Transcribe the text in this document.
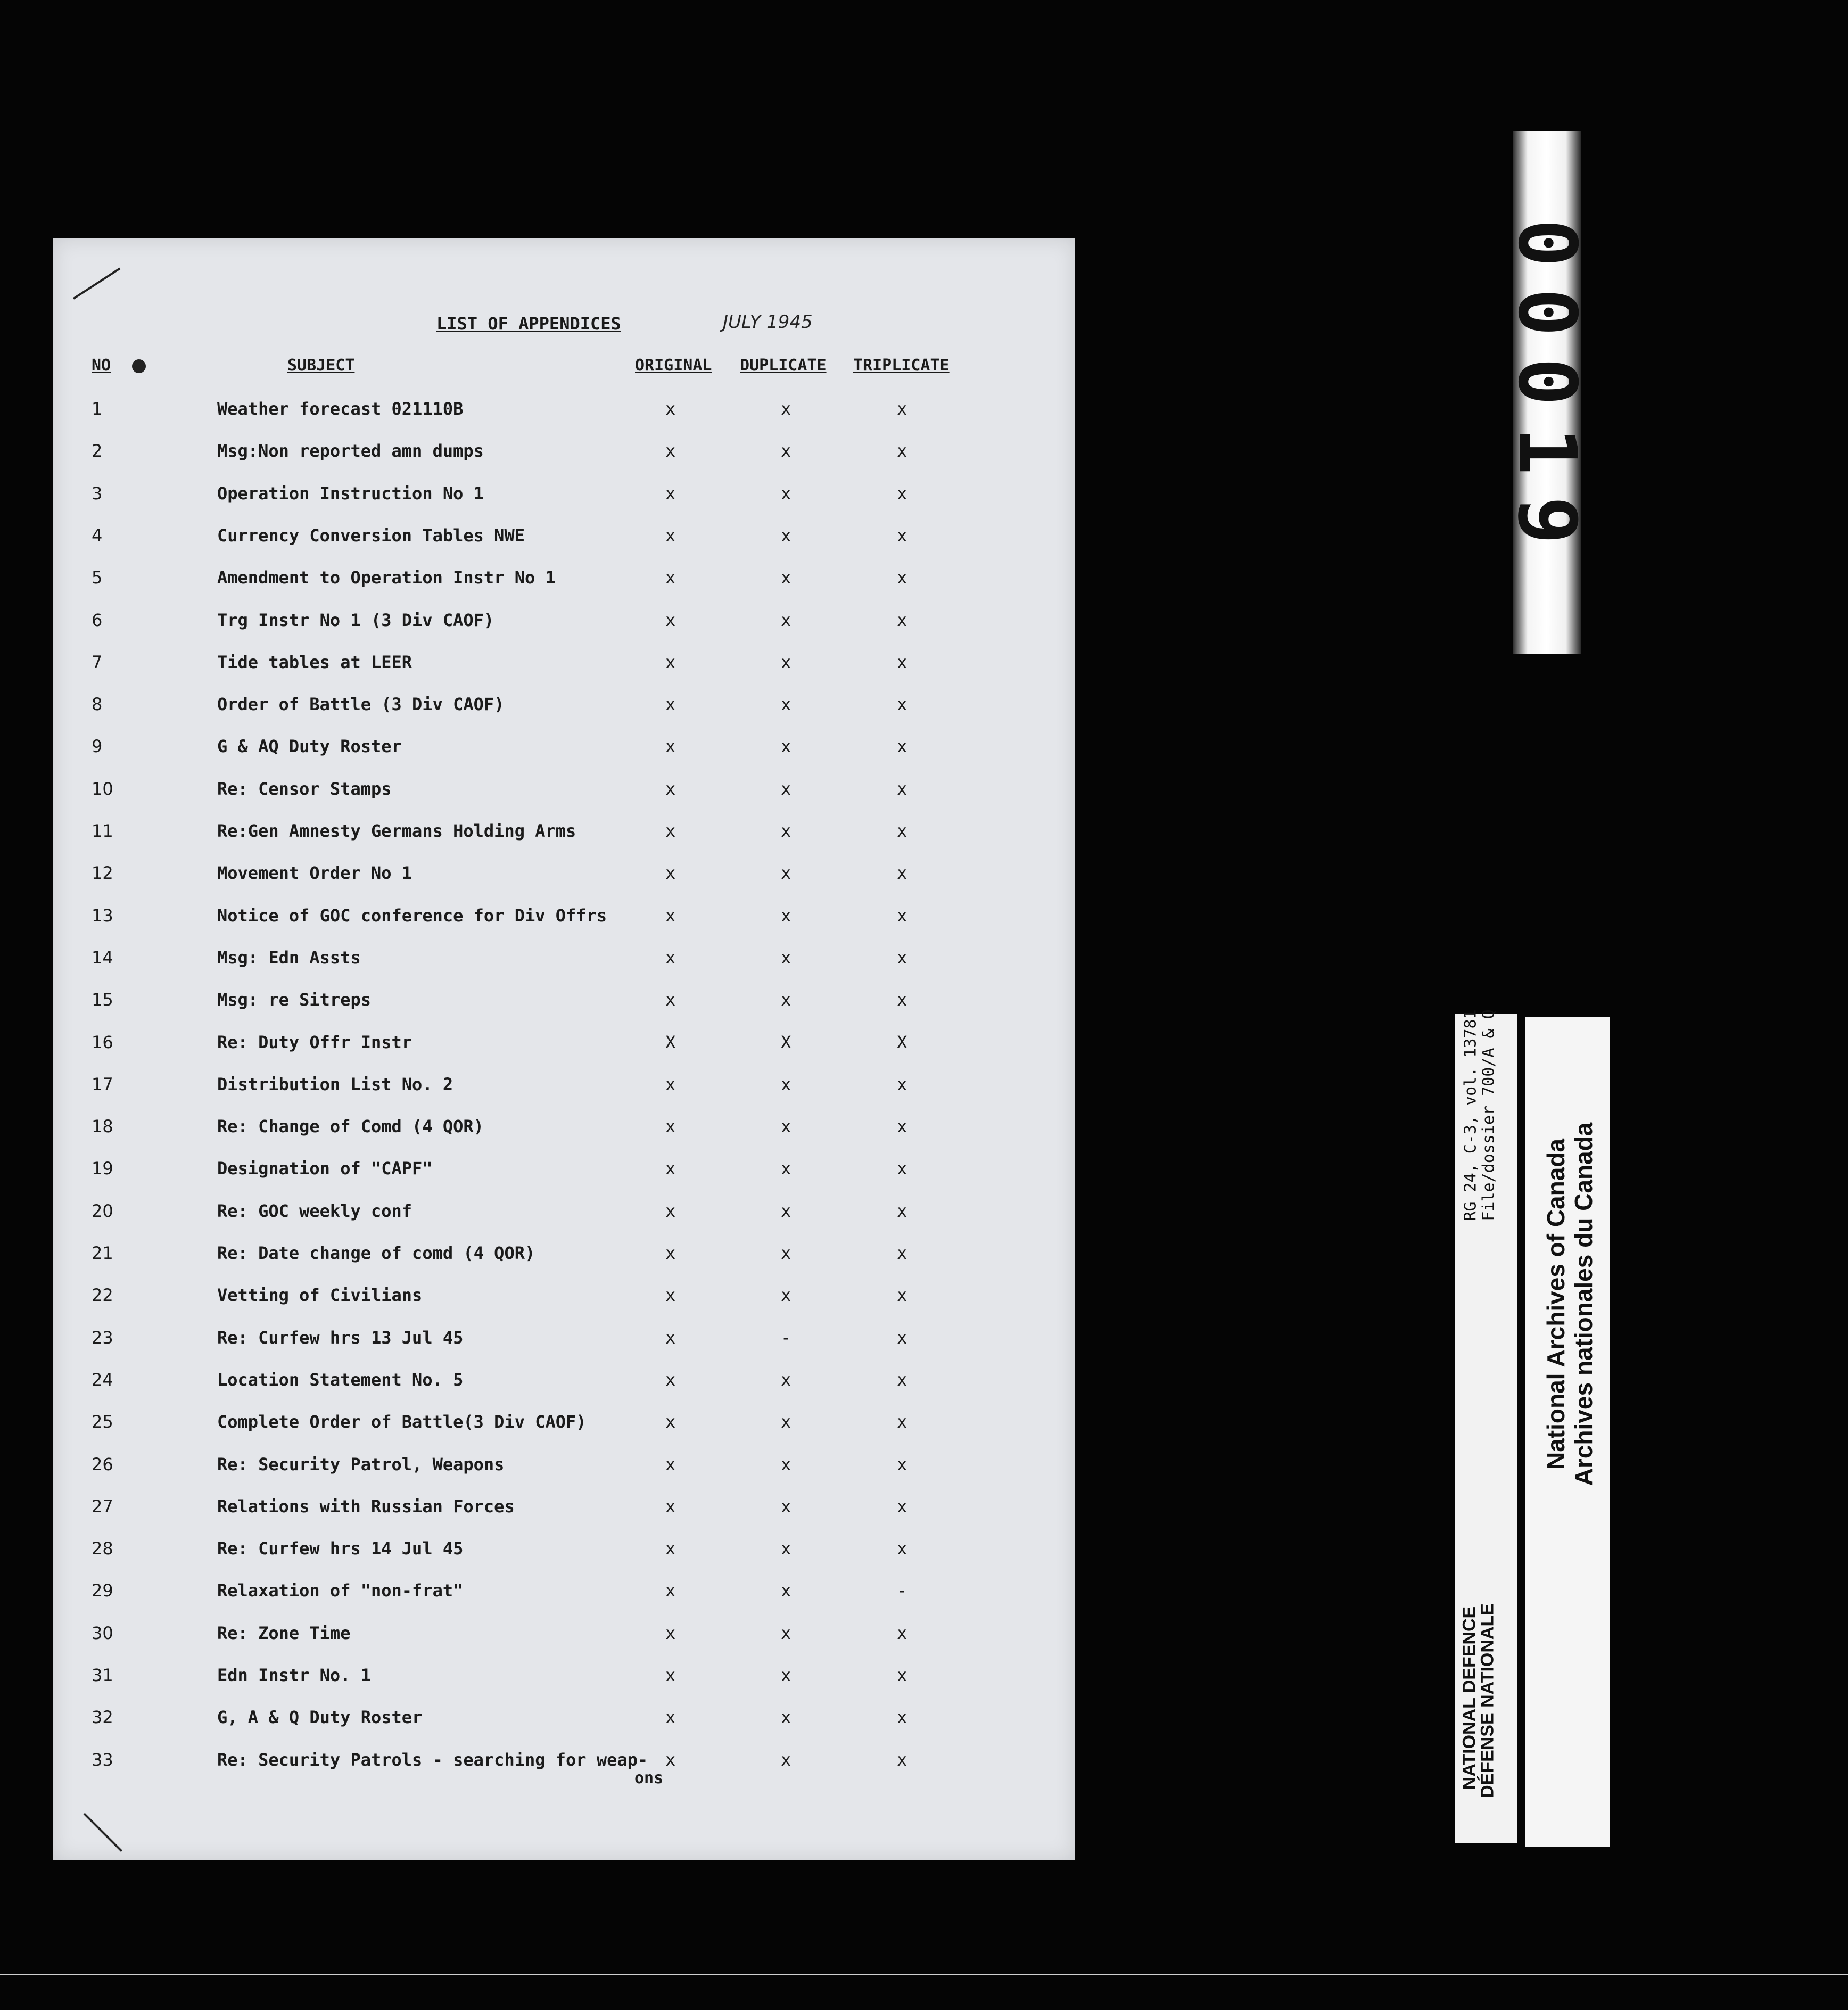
LIST OF APPENDICES	JULY 1945
NO	SUBJECT	ORIGINAL DUPLICATE TRIPLICATE
1	Weather forecast 021110B	x	x	x
2	Msg:Non reported amn dumps	x	x	x
3	Operation Instruction No 1	x	x	x
4	Currency Conversion Tables NWE	x	x	x
5	Amendment to Operation Instr No 1	x	x	x
6	Trg Instr No 1 (3 Div CAOF)	x	x	x
7	Tide tables at LEER	x	x	x
8	Order of Battle (3 Div CAOF)	x	x	x
9	G & AQ Duty Roster	x	x	x
10	Re: Censor Stamps	x	x	x
11	Re:Gen Amnesty Germans Holding Arms	x	x	x
12	Movement Order No 1	x	x	x
13	Notice of GOC conference for Div Offrs	x	x	x
14	Msg: Edn Assts	x	x	x
15	Msg: re Sitreps	x	x	x
16	Re: Duty Offr Instr	X	X	X
17	Distribution List No. 2	x	x	x
18	Re: Change of Comd (4 QOR)	x	x	x
19	Designation of "CAPF"	x	x	x
20	Re: GOC weekly conf	x	x	x
21	Re: Date change of comd (4 QOR)	x	x	x
22	Vetting of Civilians	x	x	x
23	Re: Curfew hrs 13 Jul 45	x	-	x
24	Location Statement No. 5	x	x	x
25	Complete Order of Battle(3 Div CAOF)	x	x	x
26	Re: Security Patrol, Weapons	x	x	x
27	Relations with Russian Forces	x	x	x
28	Re: Curfew hrs 14 Jul 45	x	x	x
29	Relaxation of "non-frat"	x	x	-
30	Re: Zone Time	x	x	x
31	Edn Instr No. 1	x	x	x
32	G, A & Q Duty Roster	x	x	x
33	Re: Security Patrols - searching for weap- x	x	x
ons
00019
NATIONAL DEFENCE
DÉFENSE NATIONALE
RG 24, C-3, vol. 13781 File/dossier 700/A & Q
National Archives of Canada Archives nationales du Canada
